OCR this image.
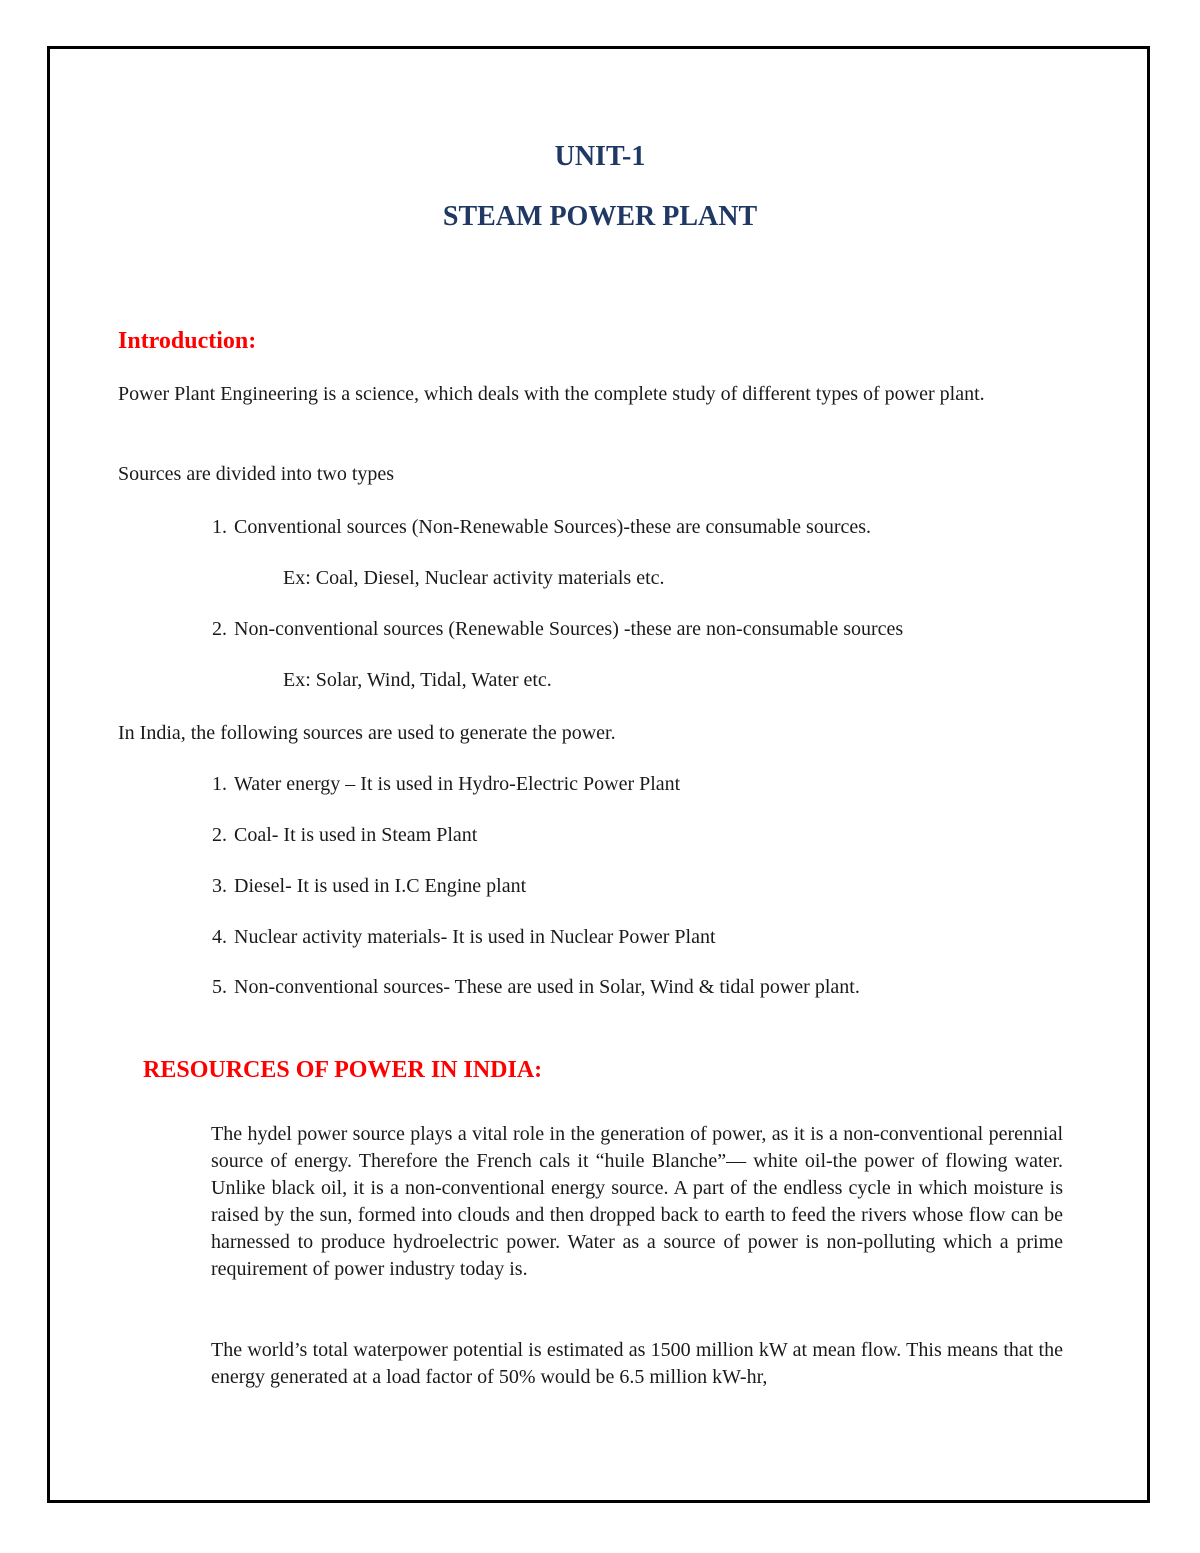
UNIT-1
STEAM POWER PLANT
Introduction:
Power Plant Engineering is a science, which deals with the complete study of different types of power plant.
Sources are divided into two types
1. Conventional sources (Non-Renewable Sources)-these are consumable sources.
Ex: Coal, Diesel, Nuclear activity materials etc.
2. Non-conventional sources (Renewable Sources) -these are non-consumable sources
Ex: Solar, Wind, Tidal, Water etc.
In India, the following sources are used to generate the power.
1. Water energy – It is used in Hydro-Electric Power Plant
2. Coal- It is used in Steam Plant
3. Diesel- It is used in I.C Engine plant
4. Nuclear activity materials- It is used in Nuclear Power Plant
5. Non-conventional sources- These are used in Solar, Wind & tidal power plant.
RESOURCES OF POWER IN INDIA:
The hydel power source plays a vital role in the generation of power, as it is a non-conventional perennial source of energy. Therefore the French cals it “huile Blanche”— white oil-the power of flowing water. Unlike black oil, it is a non-conventional energy source. A part of the endless cycle in which moisture is raised by the sun, formed into clouds and then dropped back to earth to feed the rivers whose flow can be harnessed to produce hydroelectric power. Water as a source of power is non-polluting which a prime requirement of power industry today is.
The world’s total waterpower potential is estimated as 1500 million kW at mean flow. This means that the energy generated at a load factor of 50% would be 6.5 million kW-hr,
